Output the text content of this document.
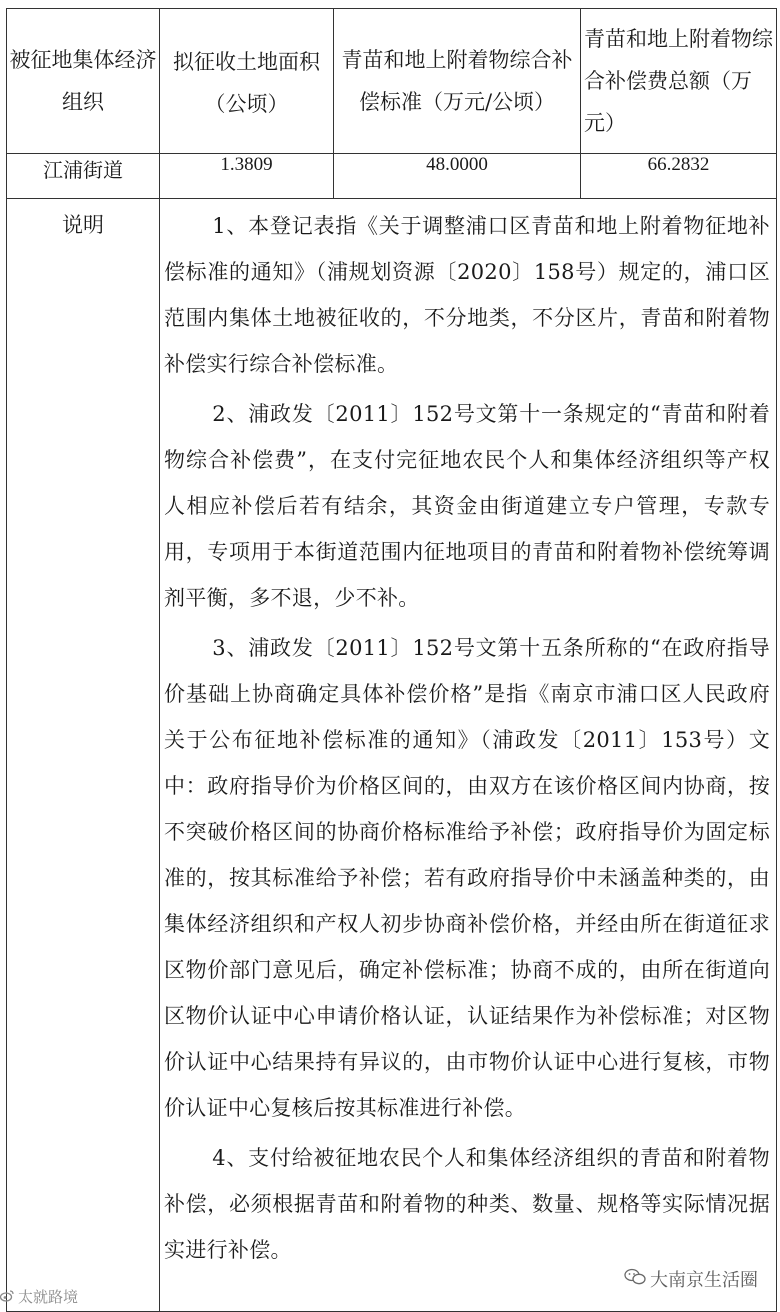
被征地集体经济组织	拟征收土地面积（公顷）	青苗和地上附着物综合补偿标准（万元/公顷）	青苗和地上附着物综合补偿费总额（万元）
江浦街道	1.3809	48.0000	66.2832
说明	1、本登记表指《关于调整浦口区青苗和地上附着物征地补偿标准的通知》（浦规划资源〔2020〕158号）规定的，浦口区范围内集体土地被征收的，不分地类，不分区片，青苗和附着物补偿实行综合补偿标准。

2、浦政发〔2011〕152号文第十一条规定的“青苗和附着物综合补偿费”，在支付完征地农民个人和集体经济组织等产权人相应补偿后若有结余，其资金由街道建立专户管理，专款专用，专项用于本街道范围内征地项目的青苗和附着物补偿统筹调剂平衡，多不退，少不补。

3、浦政发〔2011〕152号文第十五条所称的“在政府指导价基础上协商确定具体补偿价格”是指《南京市浦口区人民政府关于公布征地补偿标准的通知》（浦政发〔2011〕153号）文中：政府指导价为价格区间的，由双方在该价格区间内协商，按不突破价格区间的协商价格标准给予补偿；政府指导价为固定标准的，按其标准给予补偿；若有政府指导价中未涵盖种类的，由集体经济组织和产权人初步协商补偿价格，并经由所在街道征求区物价部门意见后，确定补偿标准；协商不成的，由所在街道向区物价认证中心申请价格认证，认证结果作为补偿标准；对区物价认证中心结果持有异议的，由市物价认证中心进行复核，市物价认证中心复核后按其标准进行补偿。

4、支付给被征地农民个人和集体经济组织的青苗和附着物补偿，必须根据青苗和附着物的种类、数量、规格等实际情况据实进行补偿。		

太就路境
大南京生活圈
